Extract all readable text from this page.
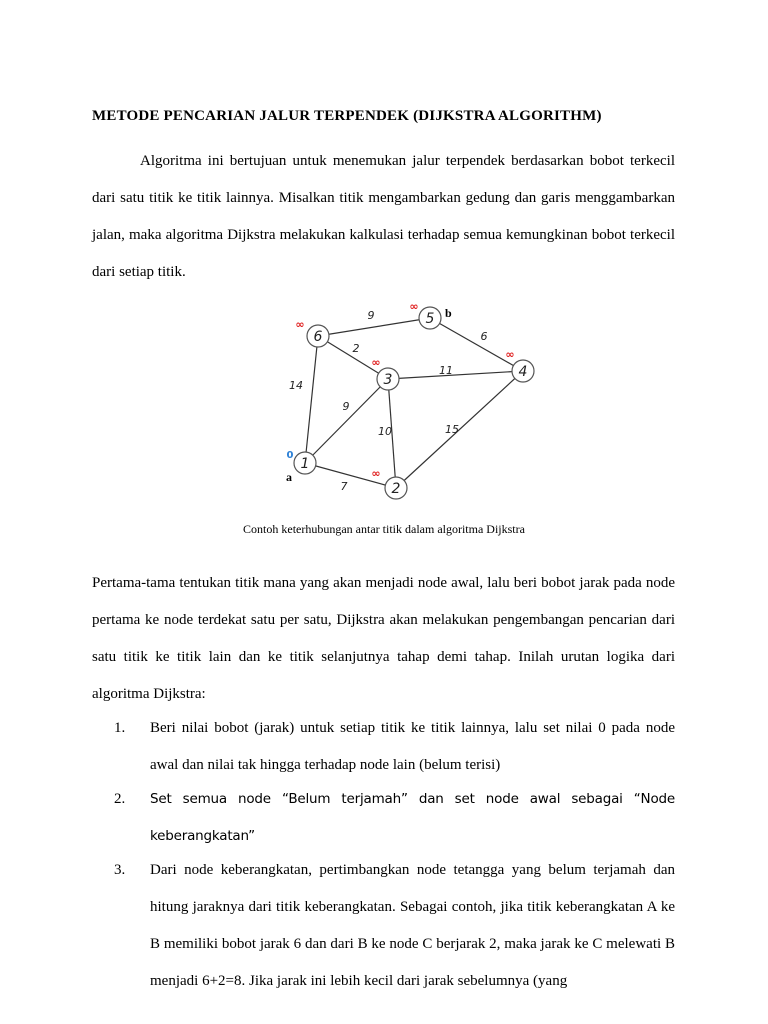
METODE PENCARIAN JALUR TERPENDEK (DIJKSTRA ALGORITHM)

Algoritma ini bertujuan untuk menemukan jalur terpendek berdasarkan bobot terkecil dari satu titik ke titik lainnya. Misalkan titik mengambarkan gedung dan garis menggambarkan jalan, maka algoritma Dijkstra melakukan kalkulasi terhadap semua kemungkinan bobot terkecil dari setiap titik.

9
2
14
6
11
9
10	15
7
1
2
3	4
5
6
∞
∞
∞
∞
∞
0
a
b
Contoh keterhubungan antar titik dalam algoritma Dijkstra

Pertama-tama tentukan titik mana yang akan menjadi node awal, lalu beri bobot jarak pada node pertama ke node terdekat satu per satu, Dijkstra akan melakukan pengembangan pencarian dari satu titik ke titik lain dan ke titik selanjutnya tahap demi tahap. Inilah urutan logika dari algoritma Dijkstra:

1. Beri nilai bobot (jarak) untuk setiap titik ke titik lainnya, lalu set nilai 0 pada node awal dan nilai tak hingga terhadap node lain (belum terisi)
2. Set semua node “Belum terjamah” dan set node awal sebagai “Node keberangkatan”
3. Dari node keberangkatan, pertimbangkan node tetangga yang belum terjamah dan hitung jaraknya dari titik keberangkatan. Sebagai contoh, jika titik keberangkatan A ke B memiliki bobot jarak 6 dan dari B ke node C berjarak 2, maka jarak ke C melewati B menjadi 6+2=8. Jika jarak ini lebih kecil dari jarak sebelumnya (yang
